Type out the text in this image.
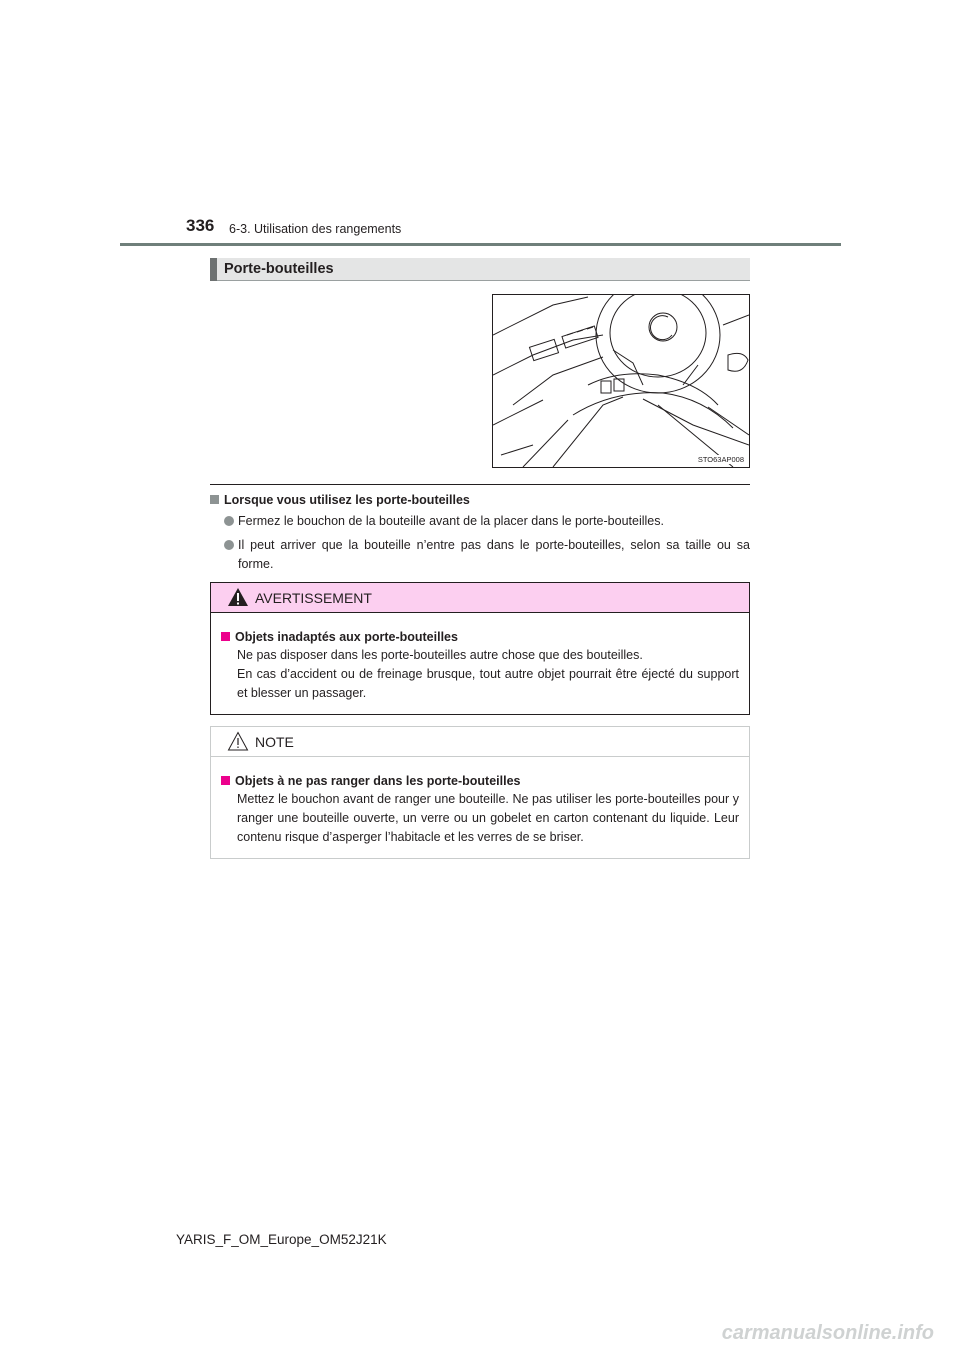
336 6-3. Utilisation des rangements
Porte-bouteilles
STO63AP008
Lorsque vous utilisez les porte-bouteilles
Fermez le bouchon de la bouteille avant de la placer dans le porte-bouteilles.
Il peut arriver que la bouteille n’entre pas dans le porte-bouteilles, selon sa taille ou sa forme.
AVERTISSEMENT
Objets inadaptés aux porte-bouteilles

Ne pas disposer dans les porte-bouteilles autre chose que des bouteilles.

En cas d’accident ou de freinage brusque, tout autre objet pourrait être éjecté du support et blesser un passager.

NOTE
Objets à ne pas ranger dans les porte-bouteilles

Mettez le bouchon avant de ranger une bouteille. Ne pas utiliser les porte-bouteilles pour y ranger une bouteille ouverte, un verre ou un gobelet en carton contenant du liquide. Leur contenu risque d’asperger l’habitacle et les verres de se briser.

YARIS_F_OM_Europe_OM52J21K
carmanualsonline.info
